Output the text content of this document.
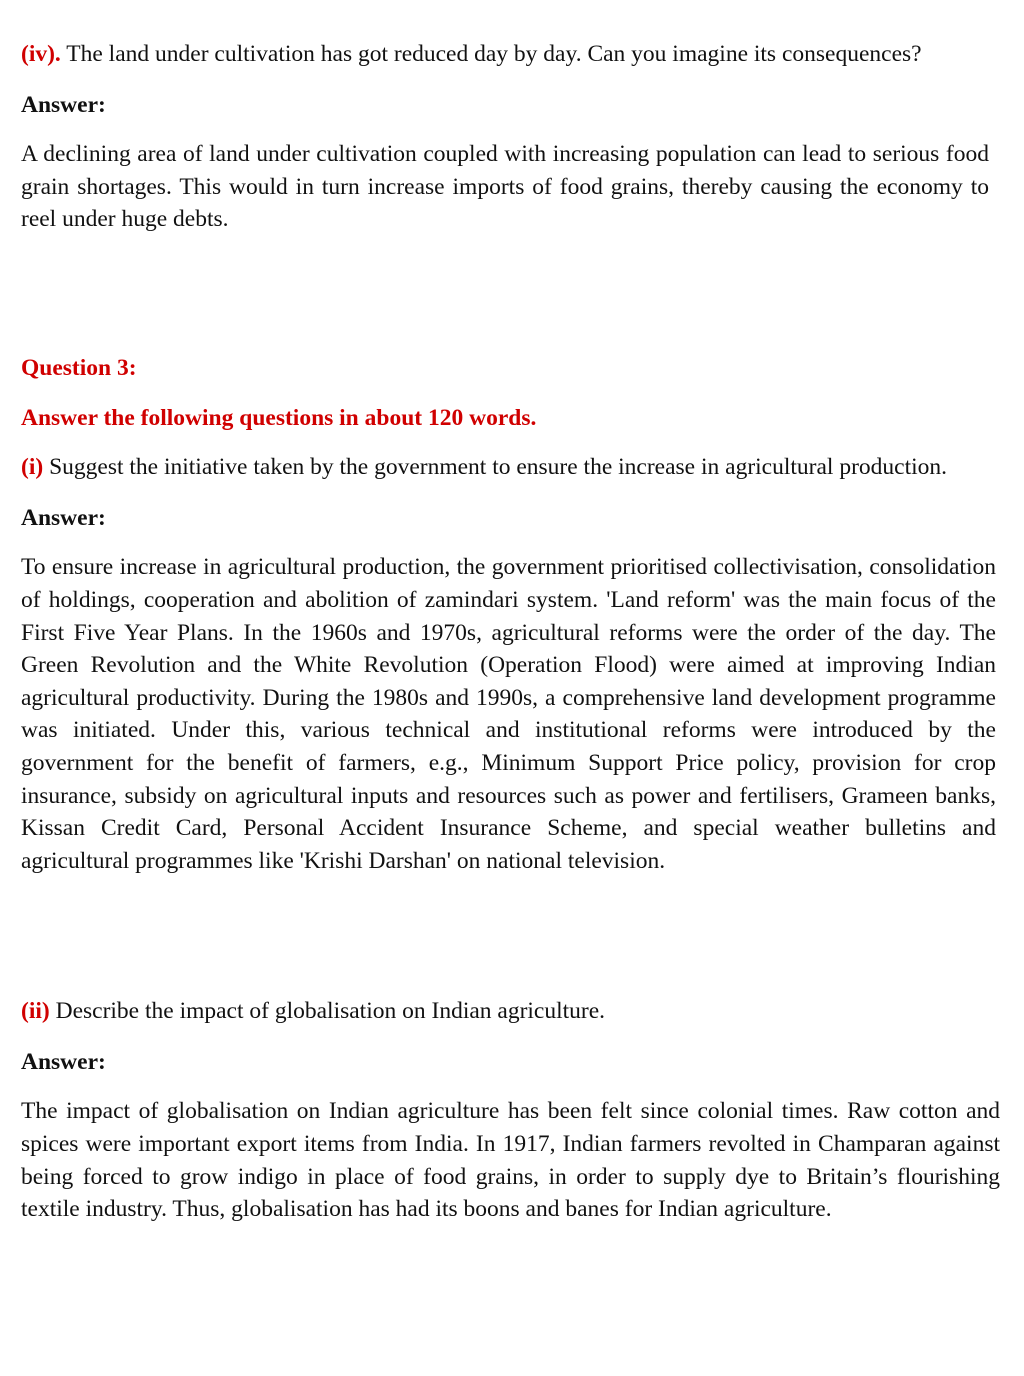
(iv). The land under cultivation has got reduced day by day. Can you imagine its consequences?

Answer:

A declining area of land under cultivation coupled with increasing population can lead to serious food grain shortages. This would in turn increase imports of food grains, thereby causing the economy to reel under huge debts.

Question 3:

Answer the following questions in about 120 words.

(i) Suggest the initiative taken by the government to ensure the increase in agricultural production.

Answer:

To ensure increase in agricultural production, the government prioritised collectivisation, consolidation of holdings, cooperation and abolition of zamindari system. 'Land reform' was the main focus of the First Five Year Plans. In the 1960s and 1970s, agricultural reforms were the order of the day. The Green Revolution and the White Revolution (Operation Flood) were aimed at improving Indian agricultural productivity. During the 1980s and 1990s, a comprehensive land development programme was initiated. Under this, various technical and institutional reforms were introduced by the government for the benefit of farmers, e.g., Minimum Support Price policy, provision for crop insurance, subsidy on agricultural inputs and resources such as power and fertilisers, Grameen banks, Kissan Credit Card, Personal Accident Insurance Scheme, and special weather bulletins and agricultural programmes like 'Krishi Darshan' on national television.

(ii) Describe the impact of globalisation on Indian agriculture.

Answer:

The impact of globalisation on Indian agriculture has been felt since colonial times. Raw cotton and spices were important export items from India. In 1917, Indian farmers revolted in Champaran against being forced to grow indigo in place of food grains, in order to supply dye to Britain’s flourishing textile industry. Thus, globalisation has had its boons and banes for Indian agriculture.
